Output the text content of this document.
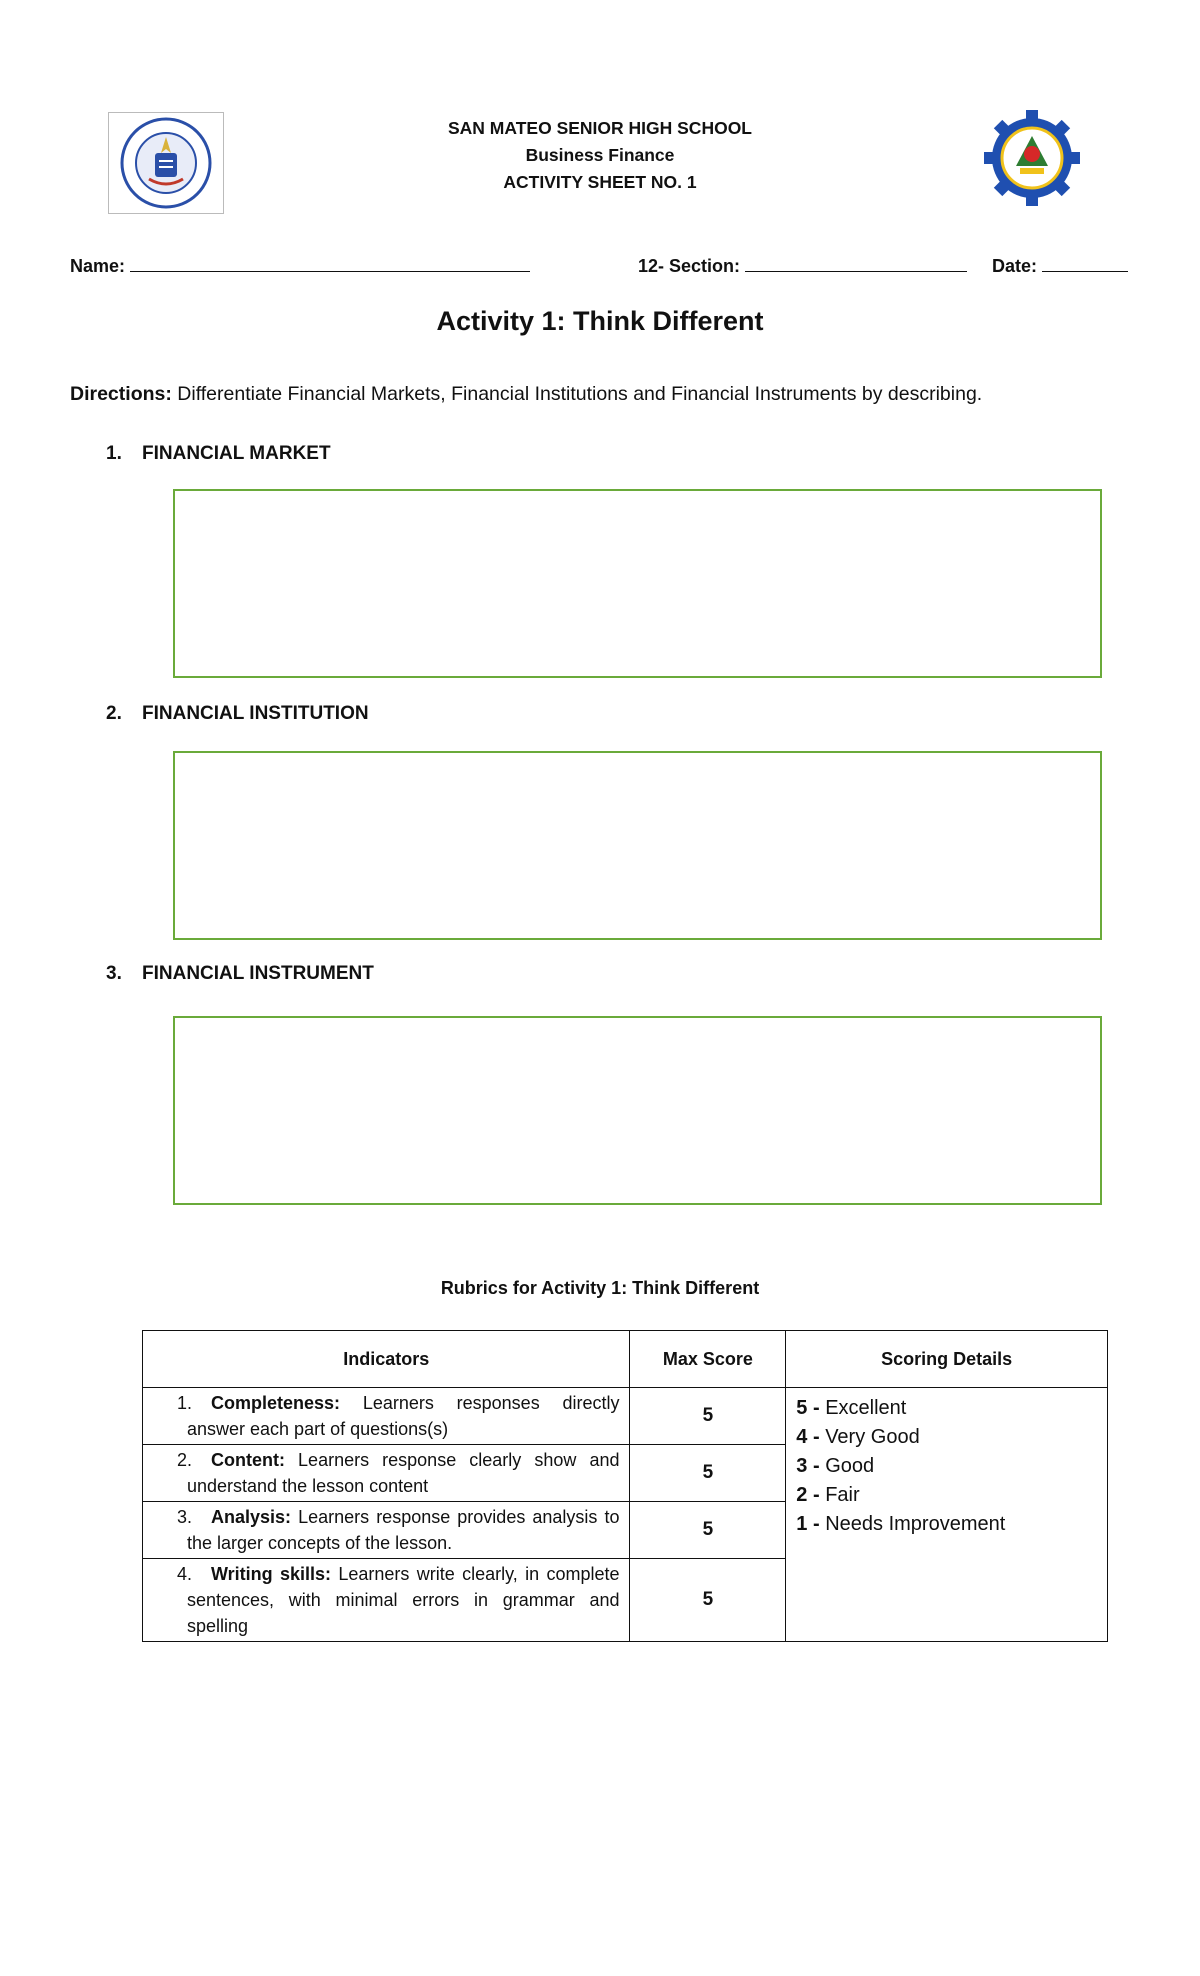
SAN MATEO SENIOR HIGH SCHOOL
Business Finance
ACTIVITY SHEET NO. 1
Name:	12- Section:	Date:
Activity 1: Think Different
Directions: Differentiate Financial Markets, Financial Institutions and Financial Instruments by describing.
1. FINANCIAL MARKET
2. FINANCIAL INSTITUTION
3. FINANCIAL INSTRUMENT
Rubrics for Activity 1: Think Different
Indicators	Max Score	Scoring Details
1. Completeness: Learners responses directly answer each part of questions(s)	5	5 - Excellent
4 - Very Good
3 - Good
2 - Fair
1 - Needs Improvement

2. Content: Learners response clearly show and understand the lesson content	5	
3. Analysis: Learners response provides analysis to the larger concepts of the lesson.	5	
4. Writing skills: Learners write clearly, in complete sentences, with minimal errors in grammar and spelling	5	
